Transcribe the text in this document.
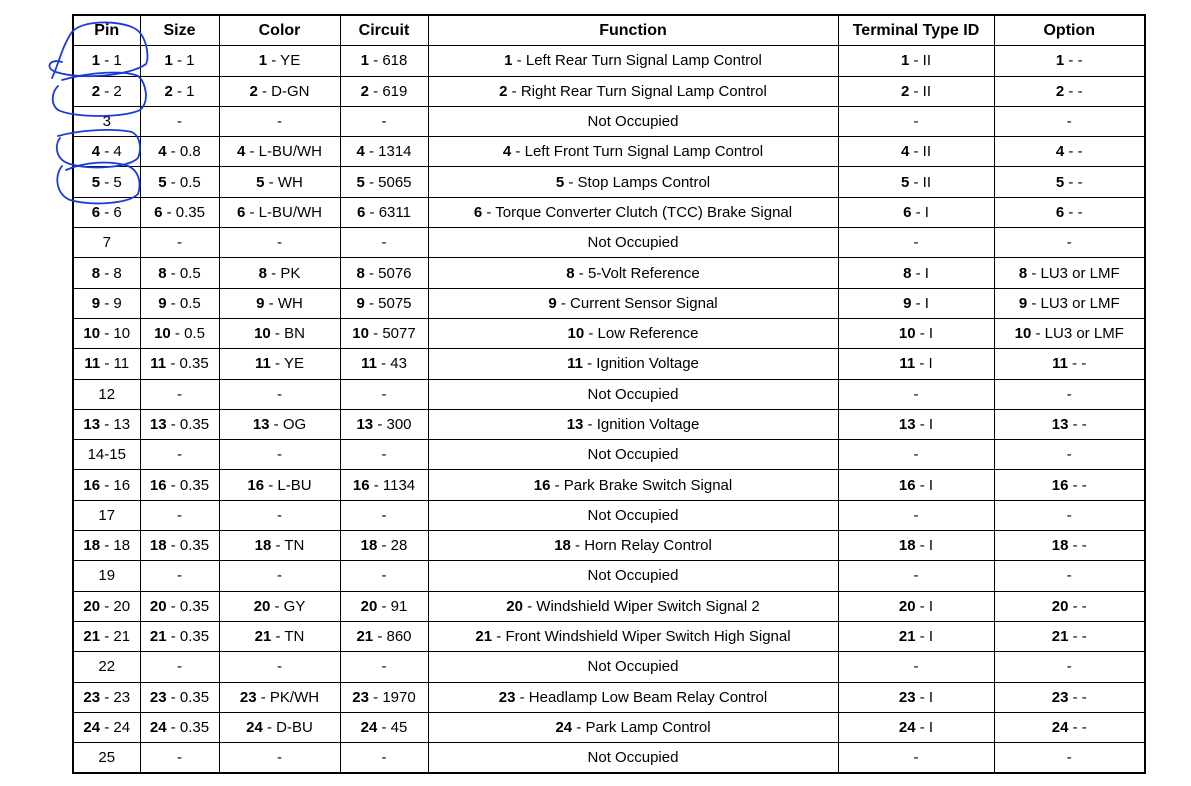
Pin	Size	Color	Circuit	Function	Terminal Type ID	Option
1 - 1	1 - 1	1 - YE	1 - 618	1 - Left Rear Turn Signal Lamp Control	1 - II	1 - -
2 - 2	2 - 1	2 - D-GN	2 - 619	2 - Right Rear Turn Signal Lamp Control	2 - II	2 - -
3	-	-	-	Not Occupied	-	-
4 - 4	4 - 0.8	4 - L-BU/WH	4 - 1314	4 - Left Front Turn Signal Lamp Control	4 - II	4 - -
5 - 5	5 - 0.5	5 - WH	5 - 5065	5 - Stop Lamps Control	5 - II	5 - -
6 - 6	6 - 0.35	6 - L-BU/WH	6 - 6311	6 - Torque Converter Clutch (TCC) Brake Signal	6 - I	6 - -
7	-	-	-	Not Occupied	-	-
8 - 8	8 - 0.5	8 - PK	8 - 5076	8 - 5-Volt Reference	8 - I	8 - LU3 or LMF
9 - 9	9 - 0.5	9 - WH	9 - 5075	9 - Current Sensor Signal	9 - I	9 - LU3 or LMF
10 - 10	10 - 0.5	10 - BN	10 - 5077	10 - Low Reference	10 - I	10 - LU3 or LMF
11 - 11	11 - 0.35	11 - YE	11 - 43	11 - Ignition Voltage	11 - I	11 - -
12	-	-	-	Not Occupied	-	-
13 - 13	13 - 0.35	13 - OG	13 - 300	13 - Ignition Voltage	13 - I	13 - -
14-15	-	-	-	Not Occupied	-	-
16 - 16	16 - 0.35	16 - L-BU	16 - 1134	16 - Park Brake Switch Signal	16 - I	16 - -
17	-	-	-	Not Occupied	-	-
18 - 18	18 - 0.35	18 - TN	18 - 28	18 - Horn Relay Control	18 - I	18 - -
19	-	-	-	Not Occupied	-	-
20 - 20	20 - 0.35	20 - GY	20 - 91	20 - Windshield Wiper Switch Signal 2	20 - I	20 - -
21 - 21	21 - 0.35	21 - TN	21 - 860	21 - Front Windshield Wiper Switch High Signal	21 - I	21 - -
22	-	-	-	Not Occupied	-	-
23 - 23	23 - 0.35	23 - PK/WH	23 - 1970	23 - Headlamp Low Beam Relay Control	23 - I	23 - -
24 - 24	24 - 0.35	24 - D-BU	24 - 45	24 - Park Lamp Control	24 - I	24 - -
25	-	-	-	Not Occupied	-	-
